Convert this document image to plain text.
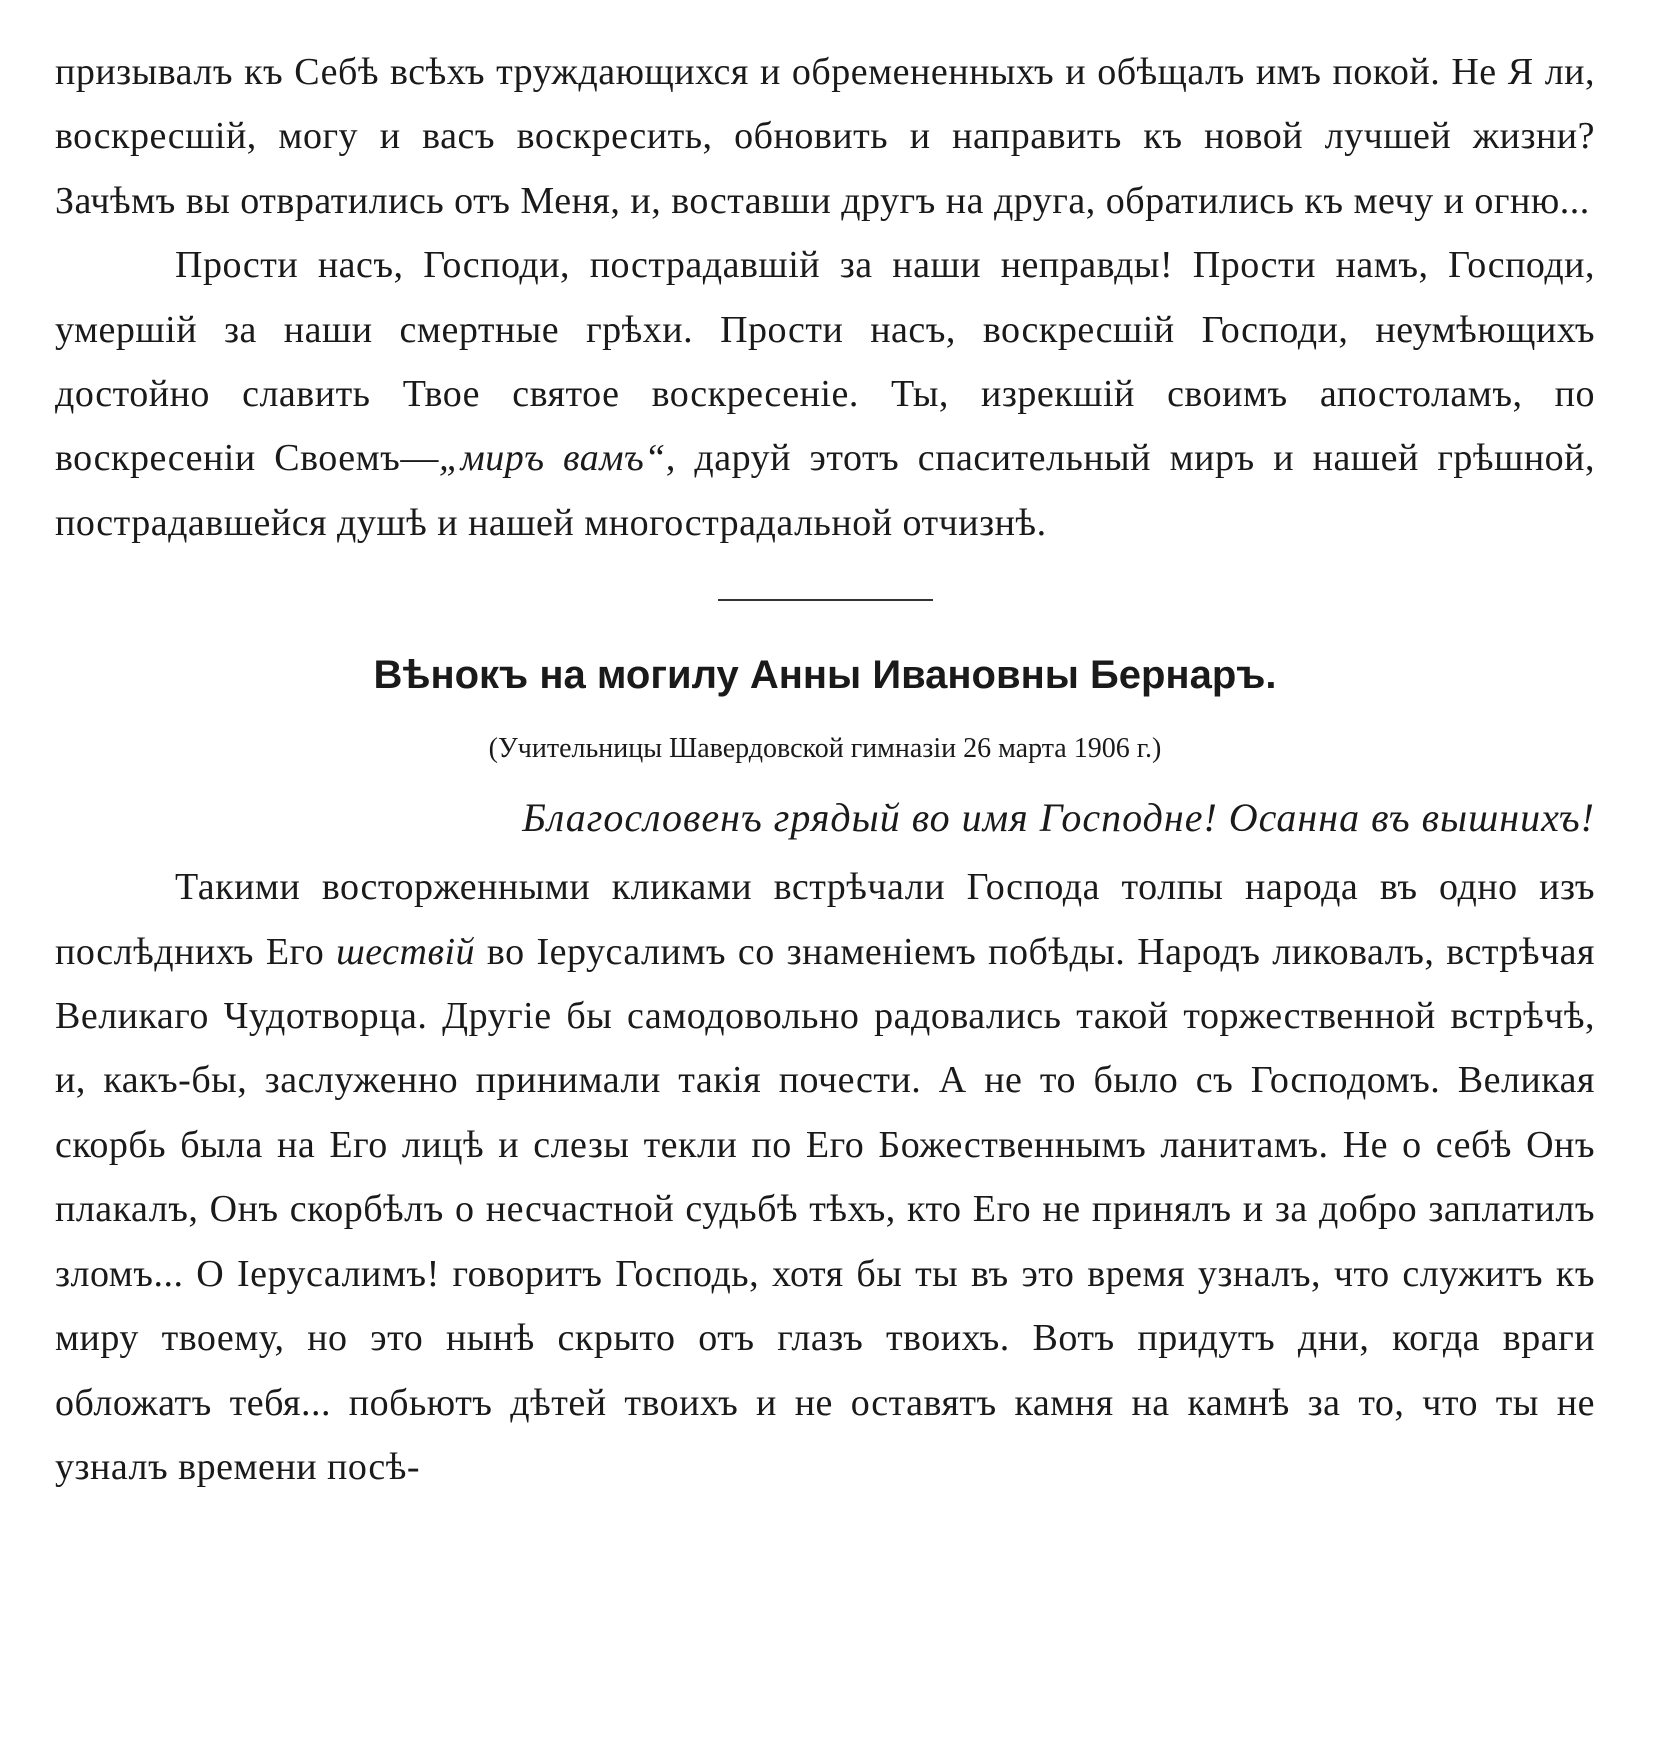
призывалъ къ Себѣ всѣхъ труждающихся и обремененныхъ и обѣщалъ имъ покой. Не Я ли, воскресшій, могу и васъ воскресить, обновить и направить къ новой лучшей жизни? Зачѣмъ вы отвратились отъ Меня, и, воставши другъ на друга, обратились къ мечу и огню...

Прости насъ, Господи, пострадавшій за наши неправды! Прости намъ, Господи, умершій за наши смертные грѣхи. Прости насъ, воскресшій Господи, неумѣющихъ достойно славить Твое святое воскресеніе. Ты, изрекшій своимъ апостоламъ, по воскресеніи Своемъ—„миръ вамъ“, даруй этотъ спасительный миръ и нашей грѣшной, пострадавшейся душѣ и нашей многострадальной отчизнѣ.

Вѣнокъ на могилу Анны Ивановны Бернаръ.

(Учительницы Шавердовской гимназіи 26 марта 1906 г.)

Благословенъ грядый во имя Господне! Осанна въ вышнихъ!

Такими восторженными кликами встрѣчали Господа толпы народа въ одно изъ послѣднихъ Его шествій во Іерусалимъ со знаменіемъ побѣды. Народъ ликовалъ, встрѣчая Великаго Чудотворца. Другіе бы самодовольно радовались такой торжественной встрѣчѣ, и, какъ-бы, заслуженно принимали такія почести. А не то было съ Господомъ. Великая скорбь была на Его лицѣ и слезы текли по Его Божественнымъ ланитамъ. Не о себѣ Онъ плакалъ, Онъ скорбѣлъ о несчастной судьбѣ тѣхъ, кто Его не принялъ и за добро заплатилъ зломъ... О Іерусалимъ! говоритъ Господь, хотя бы ты въ это время узналъ, что служитъ къ миру твоему, но это нынѣ скрыто отъ глазъ твоихъ. Вотъ придутъ дни, когда враги обложатъ тебя... побьютъ дѣтей твоихъ и не оставятъ камня на камнѣ за то, что ты не узналъ времени посѣ-
